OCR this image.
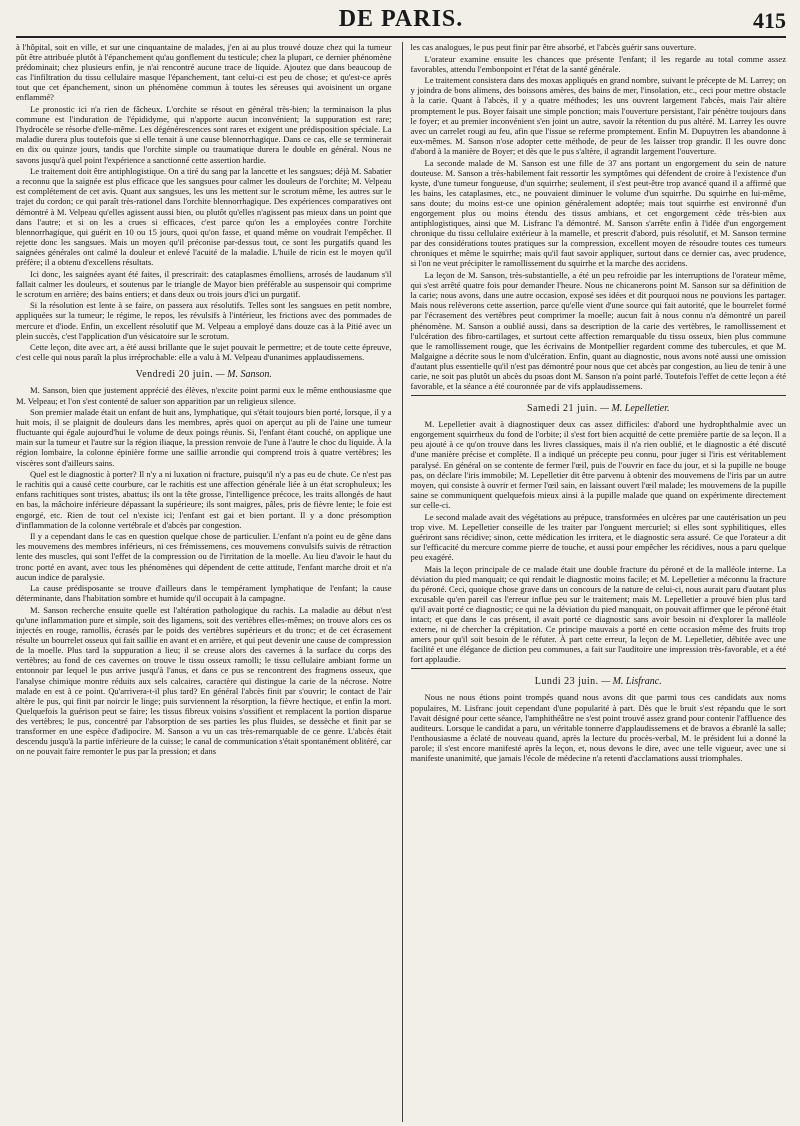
DE PARIS.	415

à l'hôpital, soit en ville, et sur une cinquantaine de malades, j'en ai au plus trouvé douze chez qui la tumeur pût être attribuée plutôt à l'épanchement qu'au gonflement du testicule; chez la plupart, ce dernier phénomène prédominait; chez plusieurs enfin, je n'ai rencontré aucune trace de liquide. Ajoutez que dans beaucoup de cas l'infiltration du tissu cellulaire masque l'épanchement, tant celui-ci est peu de chose; et qu'est-ce après tout que cet épanchement, sinon un phénomène commun à toutes les séreuses qui avoisinent un organe enflammé?

Le pronostic ici n'a rien de fâcheux. L'orchite se résout en général très-bien; la terminaison la plus commune est l'induration de l'épididyme, qui n'apporte aucun inconvénient; la suppuration est rare; l'hydrocèle se résorbe d'elle-même. Les dégénérescences sont rares et exigent une prédisposition spéciale. La maladie durera plus toutefois que si elle tenait à une cause blennorrhagique. Dans ce cas, elle se terminerait en dix ou quinze jours, tandis que l'orchite simple ou traumatique durera le double en général. Nous ne savons jusqu'à quel point l'expérience a sanctionné cette assertion hardie.

Le traitement doit être antiphlogistique. On a tiré du sang par la lancette et les sangsues; déjà M. Sabatier a reconnu que la saignée est plus efficace que les sangsues pour calmer les douleurs de l'orchite; M. Velpeau est complétement de cet avis. Quant aux sangsues, les uns les mettent sur le scrotum même, les autres sur le trajet du cordon; ce qui paraît très-rationel dans l'orchite blennorrhagique. Des expériences comparatives ont démontré à M. Velpeau qu'elles agissent aussi bien, ou plutôt qu'elles n'agissent pas mieux dans un point que dans l'autre; et si on les a crues si efficaces, c'est parce qu'on les a employées contre l'orchite blennorrhagique, qui guérit en 10 ou 15 jours, quoi qu'on fasse, et quand même on voudrait l'empêcher. Il rejette donc les sangsues. Mais un moyen qu'il préconise par-dessus tout, ce sont les purgatifs quand les saignées générales ont calmé la douleur et enlevé l'acuité de la maladie. L'huile de ricin est le moyen qu'il préfère; il a obtenu d'excellens résultats.

Ici donc, les saignées ayant été faites, il prescrirait: des cataplasmes émolliens, arrosés de laudanum s'il fallait calmer les douleurs, et soutenus par le triangle de Mayor bien préférable au suspensoir qui comprime le scrotum en arrière; des bains entiers; et dans deux ou trois jours d'ici un purgatif.

Si la résolution est lente à se faire, on passera aux résolutifs. Telles sont les sangsues en petit nombre, appliquées sur la tumeur; le régime, le repos, les révulsifs à l'intérieur, les frictions avec des pommades de mercure et d'iode. Enfin, un excellent résolutif que M. Velpeau a employé dans douze cas à la Pitié avec un plein succès, c'est l'application d'un vésicatoire sur le scrotum.

Cette leçon, dite avec art, a été aussi brillante que le sujet pouvait le permettre; et de toute cette épreuve, c'est celle qui nous paraît la plus irréprochable: elle a valu à M. Velpeau d'unanimes applaudissemens.

Vendredi 20 juin. — M. Sanson.

M. Sanson, bien que justement apprécié des élèves, n'excite point parmi eux le même enthousiasme que M. Velpeau; et l'on s'est contenté de saluer son apparition par un religieux silence.

Son premier malade était un enfant de huit ans, lymphatique, qui s'était toujours bien porté, lorsque, il y a huit mois, il se plaignit de douleurs dans les membres, après quoi on aperçut au pli de l'aine une tumeur fluctuante qui égale aujourd'hui le volume de deux poings réunis. Si, l'enfant étant couché, on applique une main sur la tumeur et l'autre sur la région iliaque, la pression renvoie de l'une à l'autre le choc du liquide. À la région lombaire, la colonne épinière forme une saillie arrondie qui comprend trois à quatre vertèbres; les viscères sont d'ailleurs sains.

Quel est le diagnostic à porter? Il n'y a ni luxation ni fracture, puisqu'il n'y a pas eu de chute. Ce n'est pas le rachitis qui a causé cette courbure, car le rachitis est une affection générale liée à un état scrophuleux; les enfans rachitiques sont tristes, abattus; ils ont la tête grosse, l'intelligence précoce, les traits allongés de haut en bas, la mâchoire inférieure dépassant la supérieure; ils sont maigres, pâles, pris de fièvre lente; le foie est engorgé, etc. Rien de tout cel n'existe ici; l'enfant est gai et bien portant. Il y a donc présomption d'inflammation de la colonne vertébrale et d'abcès par congestion.

Il y a cependant dans le cas en question quelque chose de particulier. L'enfant n'a point eu de gêne dans les mouvemens des membres inférieurs, ni ces frémissemens, ces mouvemens convulsifs suivis de rétraction lente des muscles, qui sont l'effet de la compression ou de l'irritation de la moelle. Au lieu d'avoir le haut du tronc porté en avant, avec tous les phénomènes qui dépendent de cette attitude, l'enfant marche droit et n'a aucun indice de paralysie.

La cause prédisposante se trouve d'ailleurs dans le tempérament lymphatique de l'enfant; la cause déterminante, dans l'habitation sombre et humide qu'il occupait à la campagne.

M. Sanson recherche ensuite quelle est l'altération pathologique du rachis. La maladie au début n'est qu'une inflammation pure et simple, soit des ligamens, soit des vertèbres elles-mêmes; on trouve alors ces os injectés en rouge, ramollis, écrasés par le poids des vertèbres supérieurs et du tronc; et de cet écrasement résulte un bourrelet osseux qui fait saillie en avant et en arrière, et qui peut devenir une cause de compression de la moelle. Plus tard la suppuration a lieu; il se creuse alors des cavernes à la surface du corps des vertèbres; au fond de ces cavernes on trouve le tissu osseux ramolli; le tissu cellulaire ambiant forme un entonnoir par lequel le pus arrive jusqu'à l'anus, et dans ce pus se rencontrent des fragmens osseux, que l'analyse chimique montre réduits aux sels calcaires, caractère qui distingue la carie de la nécrose. Notre malade en est à ce point. Qu'arrivera-t-il plus tard? En général l'abcès finit par s'ouvrir; le contact de l'air altère le pus, qui finit par noircir le linge; puis surviennent la résorption, la fièvre hectique, et enfin la mort. Quelquefois la guérison peut se faire; les tissus fibreux voisins s'ossifient et remplacent la portion disparue des vertèbres; le pus, concentré par l'absorption de ses parties les plus fluides, se dessèche et finit par se transformer en une espèce d'adipocire. M. Sanson a vu un cas très-remarquable de ce genre. L'abcès était descendu jusqu'à la partie inférieure de la cuisse; le canal de communication s'était spontanément oblitéré, car on ne pouvait faire remonter le pus par la pression; et dans

les cas analogues, le pus peut finir par être absorbé, et l'abcès guérir sans ouverture.

L'orateur examine ensuite les chances que présente l'enfant; il les regarde au total comme assez favorables, attendu l'embonpoint et l'état de la santé générale.

Le traitement consistera dans des moxas appliqués en grand nombre, suivant le précepte de M. Larrey; on y joindra de bons alimens, des boissons amères, des bains de mer, l'insolation, etc., ceci pour mettre obstacle à la carie. Quant à l'abcès, il y a quatre méthodes; les uns ouvrent largement l'abcès, mais l'air altère promptement le pus. Boyer faisait une simple ponction; mais l'ouverture persistant, l'air pénètre toujours dans le foyer; et au premier inconvénient s'en joint un autre, savoir la rétention du pus altéré. M. Larrey les ouvre avec un carrelet rougi au feu, afin que l'issue se referme promptement. Enfin M. Dupuytren les abandonne à eux-mêmes. M. Sanson n'ose adopter cette méthode, de peur de les laisser trop grandir. Il les ouvre donc d'abord à la manière de Boyer; et dès que le pus s'altère, il agrandit largement l'ouverture.

La seconde malade de M. Sanson est une fille de 37 ans portant un engorgement du sein de nature douteuse. M. Sanson a très-habilement fait ressortir les symptômes qui défendent de croire à l'existence d'un kyste, d'une tumeur fongueuse, d'un squirrhe; seulement, il s'est peut-être trop avancé quand il a affirmé que les bains, les cataplasmes, etc., ne pouvaient diminuer le volume d'un squirrhe. Du squirrhe en lui-même, sans doute; du moins est-ce une opinion généralement adoptée; mais tout squirrhe est environné d'un engorgement plus ou moins étendu des tissus ambians, et cet engorgement cède très-bien aux antiphlogistiques, ainsi que M. Lisfranc l'a démontré. M. Sanson s'arrête enfin à l'idée d'un engorgement chronique du tissu cellulaire extérieur à la mamelle, et prescrit d'abord, puis résolutif, et M. Sanson termine par des considérations toutes pratiques sur la compression, excellent moyen de résoudre toutes ces tumeurs chroniques et même le squirrhe; mais qu'il faut savoir appliquer, surtout dans ce dernier cas, avec prudence, si l'on ne veut précipiter le ramollissement du squirrhe et la marche des accidens.

La leçon de M. Sanson, très-substantielle, a été un peu refroidie par les interruptions de l'orateur même, qui s'est arrêté quatre fois pour demander l'heure. Nous ne chicanerons point M. Sanson sur sa définition de la carie; nous avons, dans une autre occasion, exposé ses idées et dit pourquoi nous ne pouvions les partager. Mais nous relèverons cette assertion, parce qu'elle vient d'une source qui fait autorité, que le bourrelet formé par l'écrasement des vertèbres peut comprimer la moelle; aucun fait à nous connu n'a démontré un pareil phénomène. M. Sanson a oublié aussi, dans sa description de la carie des vertèbres, le ramollissement et l'ulcération des fibro-cartilages, et surtout cette affection remarquable du tissu osseux, bien plus commune que le ramollissement rouge, que les écrivains de Montpellier regardent comme des tubercules, et que M. Malgaigne a décrite sous le nom d'ulcération. Enfin, quant au diagnostic, nous avons noté aussi une omission d'autant plus essentielle qu'il n'est pas démontré pour nous que cet abcès par congestion, au lieu de tenir à une carie, ne soit pas plutôt un abcès du psoas dont M. Sanson n'a point parlé. Toutefois l'effet de cette leçon a été favorable, et la séance a été couronnée par de vifs applaudissemens.

Samedi 21 juin. — M. Lepelletier.

M. Lepelletier avait à diagnostiquer deux cas assez difficiles: d'abord une hydrophthalmie avec un engorgement squirrheux du fond de l'orbite; il s'est fort bien acquitté de cette première partie de sa leçon. Il a peu ajouté à ce qu'on trouve dans les livres classiques, mais il n'a rien oublié, et le diagnostic a été discuté d'une manière précise et complète. Il a indiqué un précepte peu connu, pour juger si l'iris est véritablement paralysé. En général on se contente de fermer l'œil, puis de l'ouvrir en face du jour, et si la pupille ne bouge pas, on déclare l'iris immobile; M. Lepelletier dit être parvenu à obtenir des mouvemens de l'iris par un autre moyen, qui consiste à ouvrir et fermer l'œil sain, en laissant ouvert l'œil malade; les mouvemens de la pupille saine se communiquent quelquefois mieux ainsi à la pupille malade que quand on expérimente directement sur celle-ci.

Le second malade avait des végétations au prépuce, transformées en ulcères par une cautérisation un peu trop vive. M. Lepelletier conseille de les traiter par l'onguent mercuriel; si elles sont syphilitiques, elles guériront sans récidive; sinon, cette médication les irritera, et le diagnostic sera assuré. Ce que l'orateur a dit sur l'efficacité du mercure comme pierre de touche, et aussi pour empêcher les récidives, nous a paru quelque peu exagéré.

Mais la leçon principale de ce malade était une double fracture du péroné et de la malléole interne. La déviation du pied manquait; ce qui rendait le diagnostic moins facile; et M. Lepelletier a méconnu la fracture du péroné. Ceci, quoique chose grave dans un concours de la nature de celui-ci, nous aurait paru d'autant plus excusable qu'en pareil cas l'erreur influe peu sur le traitement; mais M. Lepelletier a prouvé bien plus tard qu'il avait porté ce diagnostic; ce qui ne la déviation du pied manquait, on pouvait affirmer que le péroné était intact; et que dans le cas présent, il avait porté ce diagnostic sans avoir besoin ni d'explorer la malléole externe, ni de chercher la crépitation. Ce principe mauvais a porté en cette occasion même des fruits trop amers pour qu'il soit besoin de le réfuter. À part cette erreur, la leçon de M. Lepelletier, débitée avec une facilité et une élégance de diction peu communes, a fait sur l'auditoire une impression très-favorable, et a été fort applaudie.

Lundi 23 juin. — M. Lisfranc.

Nous ne nous étions point trompés quand nous avons dit que parmi tous ces candidats aux noms populaires, M. Lisfranc jouit cependant d'une popularité à part. Dès que le bruit s'est répandu que le sort l'avait désigné pour cette séance, l'amphithéâtre ne s'est point trouvé assez grand pour contenir l'affluence des auditeurs. Lorsque le candidat a paru, un véritable tonnerre d'applaudissemens et de bravos a ébranlé la salle; l'enthousiasme a éclaté de nouveau quand, après la lecture du procès-verbal, M. le président lui a donné la parole; il s'est encore manifesté après la leçon, et, nous devons le dire, avec une telle vigueur, avec une si manifeste unanimité, que jamais l'école de médecine n'a retenti d'acclamations aussi triomphales.
